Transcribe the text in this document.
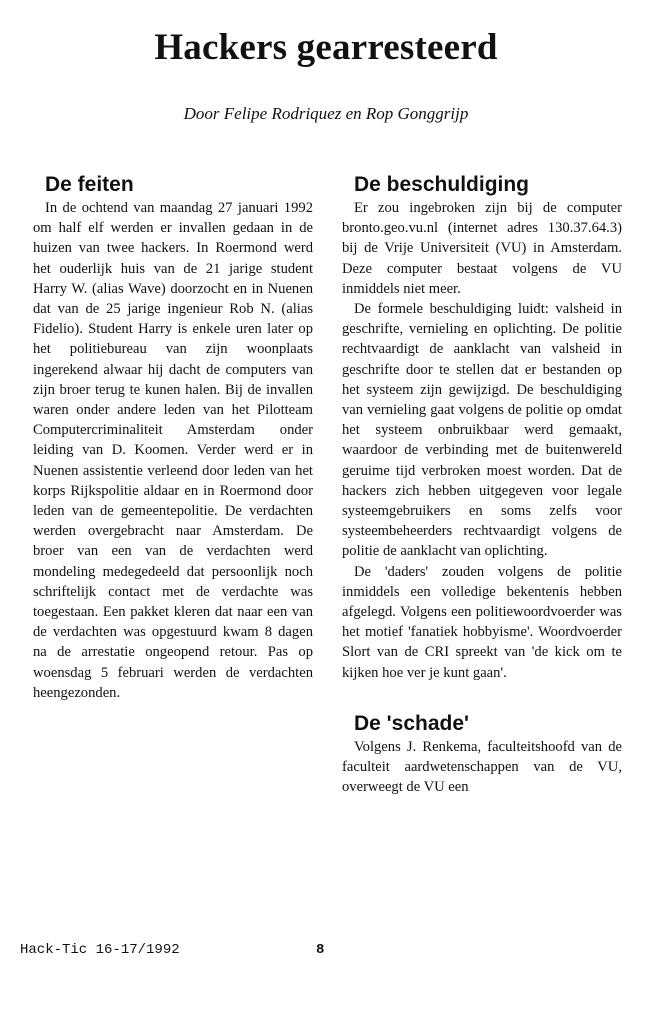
Hackers gearresteerd
Door Felipe Rodriquez en Rop Gonggrijp
De feiten

In de ochtend van maandag 27 januari 1992 om half elf werden er invallen gedaan in de huizen van twee hackers. In Roermond werd het ouderlijk huis van de 21 jarige student Harry W. (alias Wave) doorzocht en in Nuenen dat van de 25 jarige ingenieur Rob N. (alias Fidelio). Student Harry is enkele uren later op het politiebureau van zijn woonplaats ingerekend alwaar hij dacht de computers van zijn broer terug te kunen halen. Bij de invallen waren onder andere leden van het Pilotteam Computercriminaliteit Amsterdam onder leiding van D. Koomen. Verder werd er in Nuenen assistentie verleend door leden van het korps Rijkspolitie aldaar en in Roermond door leden van de gemeentepolitie. De verdachten werden overgebracht naar Amsterdam. De broer van een van de verdachten werd mondeling medegedeeld dat persoonlijk noch schriftelijk contact met de verdachte was toegestaan. Een pakket kleren dat naar een van de verdachten was opgestuurd kwam 8 dagen na de arrestatie ongeopend retour. Pas op woensdag 5 februari werden de verdachten heengezonden.

De beschuldiging

Er zou ingebroken zijn bij de computer bronto.geo.vu.nl (internet adres 130.37.64.3) bij de Vrije Universiteit (VU) in Amsterdam. Deze computer bestaat volgens de VU inmiddels niet meer.

De formele beschuldiging luidt: valsheid in geschrifte, vernieling en oplichting. De politie rechtvaardigt de aanklacht van valsheid in geschrifte door te stellen dat er bestanden op het systeem zijn gewijzigd. De beschuldiging van vernieling gaat volgens de politie op omdat het systeem onbruikbaar werd gemaakt, waardoor de verbinding met de buitenwereld geruime tijd verbroken moest worden. Dat de hackers zich hebben uitgegeven voor legale systeemgebruikers en soms zelfs voor systeembeheerders rechtvaardigt volgens de politie de aanklacht van oplichting.

De 'daders' zouden volgens de politie inmiddels een volledige bekentenis hebben afgelegd. Volgens een politiewoordvoerder was het motief 'fanatiek hobbyisme'. Woordvoerder Slort van de CRI spreekt van 'de kick om te kijken hoe ver je kunt gaan'.

De 'schade'

Volgens J. Renkema, faculteitshoofd van de faculteit aardwetenschappen van de VU, overweegt de VU een

Hack-Tic 16-17/1992	8
